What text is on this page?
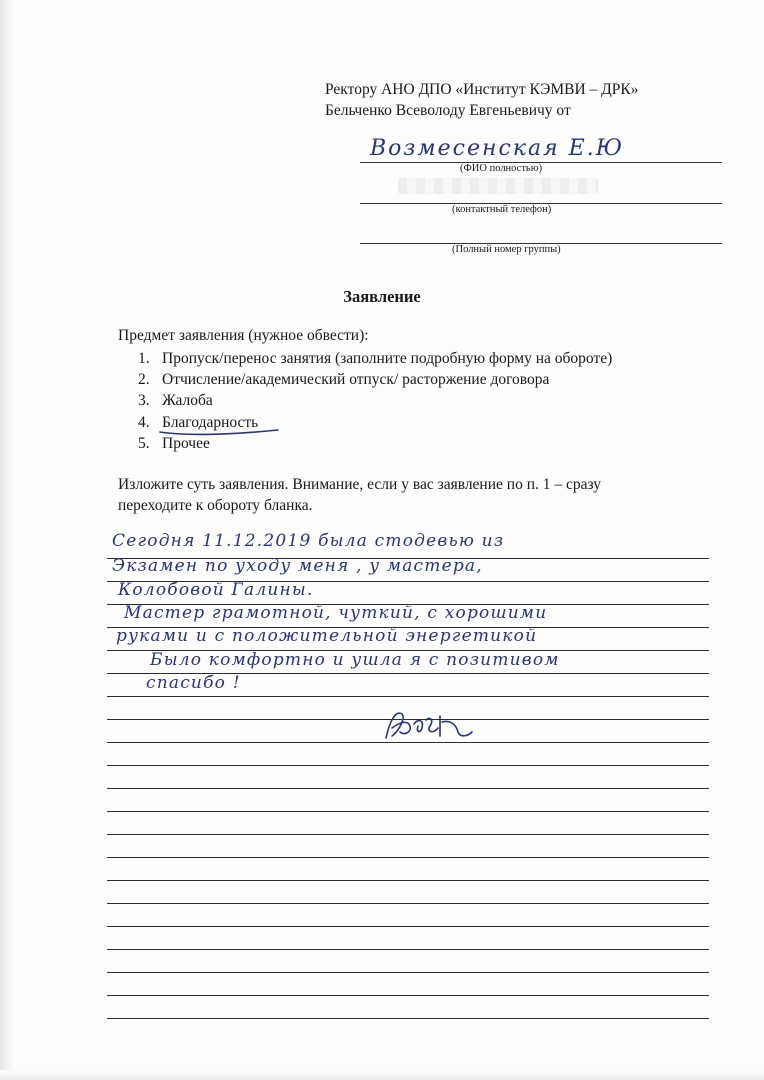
Ректору АНО ДПО «Институт КЭМВИ – ДРК»
Бельченко Всеволоду Евгеньевичу от
Возмесенская Е.Ю
(ФИО полностью)
(контактный телефон)
(Полный номер группы)
Заявление
Предмет заявления (нужное обвести):
1. Пропуск/перенос занятия (заполните подробную форму на обороте)
2. Отчисление/академический отпуск/ расторжение договора
3. Жалоба
4. Благодарность
5. Прочее
Изложите суть заявления. Внимание, если у вас заявление по п. 1 – сразу
переходите к обороту бланка.
Сегодня 11.12.2019 была стодевью из
Экзамен по уходу меня , у мастера,
Колобовой Галины.
Мастер грамотной, чуткий, с хорошими
руками и с положительной энергетикой
Было комфортно и ушла я с позитивом
спасибо !
